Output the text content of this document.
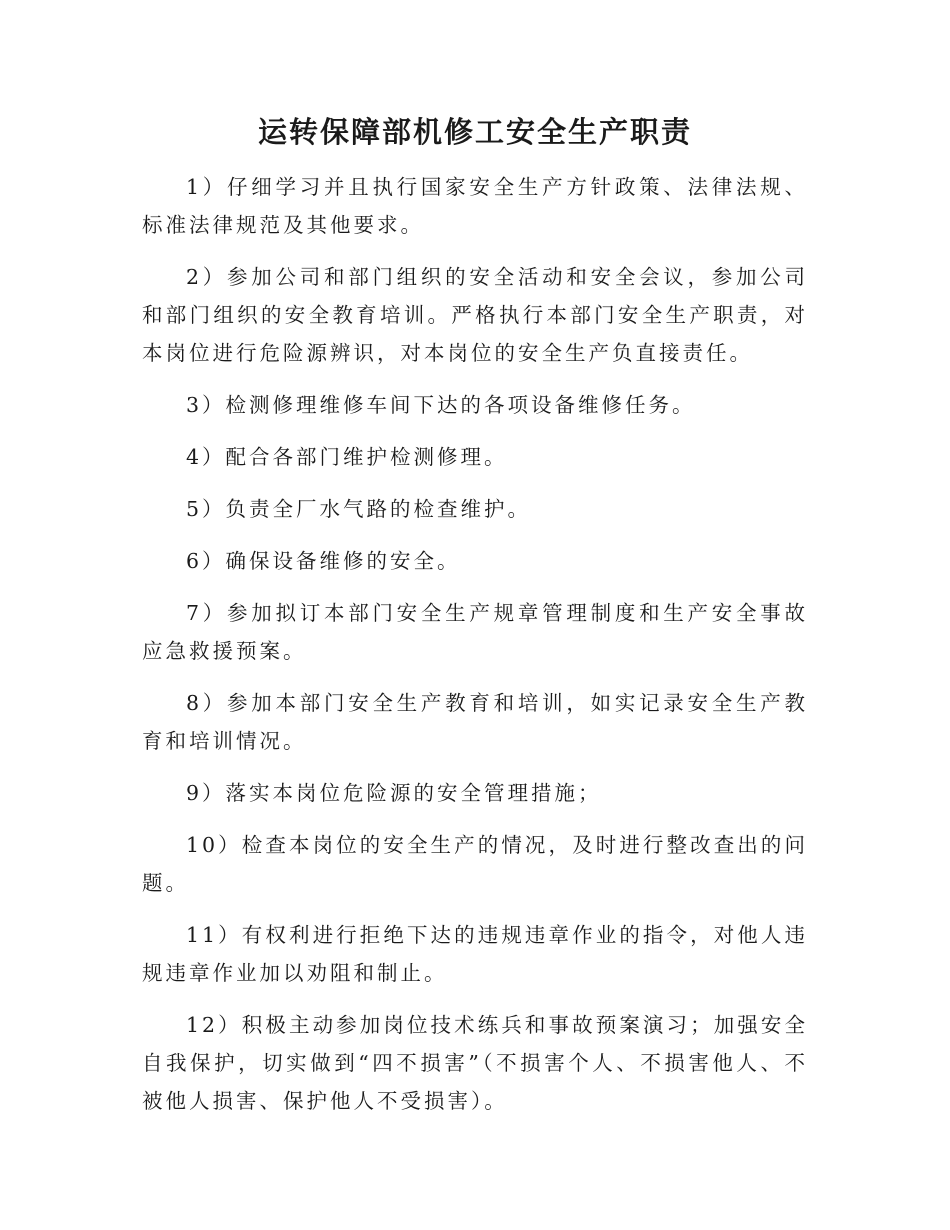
运转保障部机修工安全生产职责

1）仔细学习并且执行国家安全生产方针政策、法律法规、标准法律规范及其他要求。

2）参加公司和部门组织的安全活动和安全会议，参加公司和部门组织的安全教育培训。严格执行本部门安全生产职责，对本岗位进行危险源辨识，对本岗位的安全生产负直接责任。

3）检测修理维修车间下达的各项设备维修任务。

4）配合各部门维护检测修理。

5）负责全厂水气路的检查维护。

6）确保设备维修的安全。

7）参加拟订本部门安全生产规章管理制度和生产安全事故应急救援预案。

8）参加本部门安全生产教育和培训，如实记录安全生产教育和培训情况。

9）落实本岗位危险源的安全管理措施；

10）检查本岗位的安全生产的情况，及时进行整改查出的问题。

11）有权利进行拒绝下达的违规违章作业的指令，对他人违规违章作业加以劝阻和制止。

12）积极主动参加岗位技术练兵和事故预案演习；加强安全自我保护，切实做到“四不损害”（不损害个人、不损害他人、不被他人损害、保护他人不受损害）。
